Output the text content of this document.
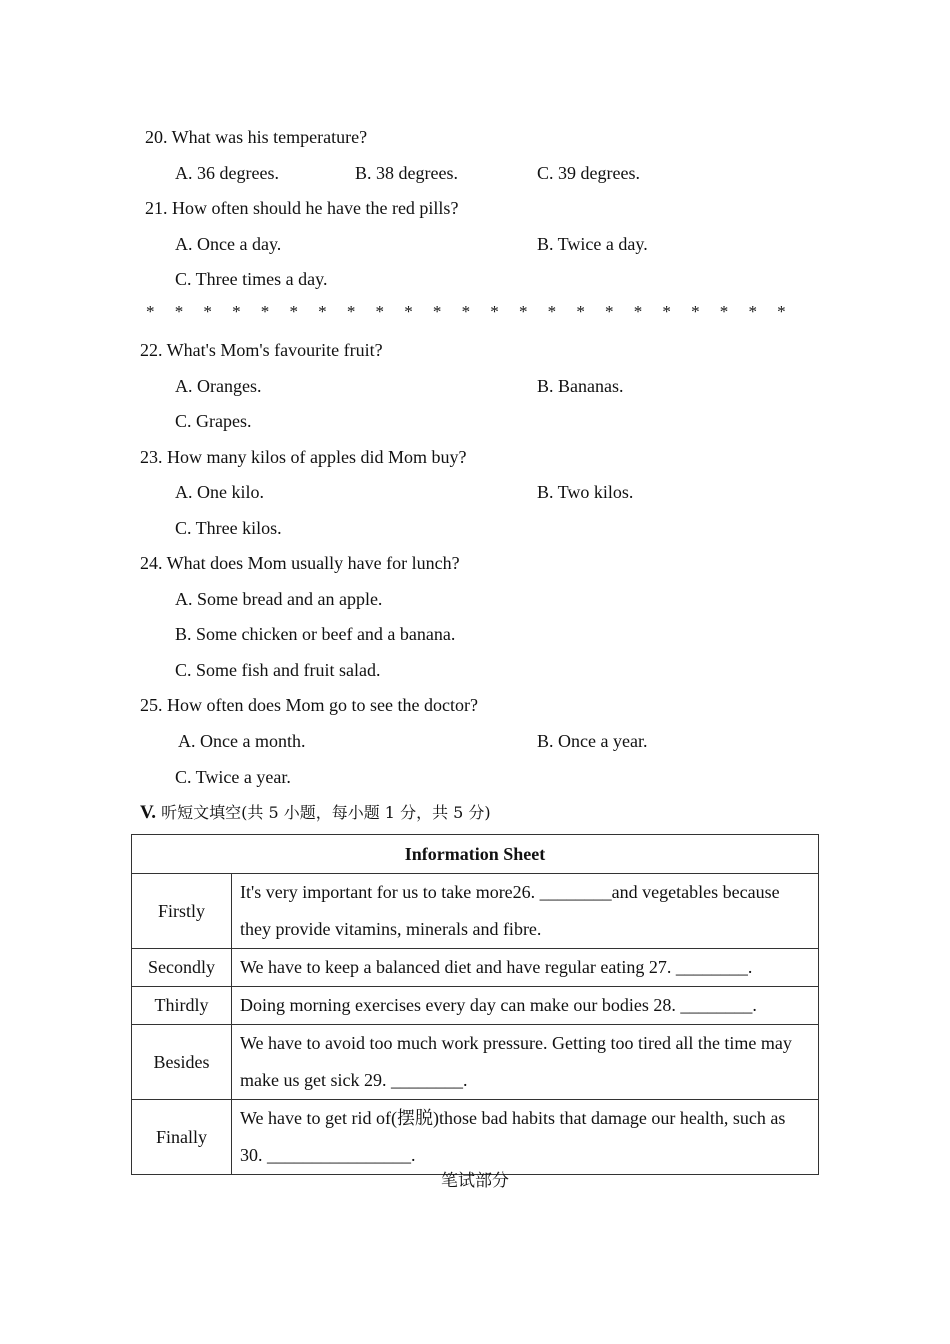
20. What was his temperature?
A. 36 degrees.	B. 38 degrees.	C. 39 degrees.
21. How often should he have the red pills?
A. Once a day.	B. Twice a day.
C. Three times a day.
* * * * * * * * * * * * * * * * * * * * * * *
22. What's Mom's favourite fruit?
A. Oranges.	B. Bananas.
C. Grapes.
23. How many kilos of apples did Mom buy?
A. One kilo.	B. Two kilos.
C. Three kilos.
24. What does Mom usually have for lunch?
A. Some bread and an apple.
B. Some chicken or beef and a banana.
C. Some fish and fruit salad.
25. How often does Mom go to see the doctor?
A. Once a month.	B. Once a year.
C. Twice a year.
V. 听短文填空(共 5 小题，每小题 1 分，共 5 分)
Information Sheet	
Firstly	It's very important for us to take more26. ________and vegetables because they provide vitamins, minerals and fibre.
Secondly	We have to keep a balanced diet and have regular eating 27. ________.
Thirdly	Doing morning exercises every day can make our bodies 28. ________.
Besides	We have to avoid too much work pressure. Getting too tired all the time may make us get sick 29. ________.
Finally	We have to get rid of(摆脱)those bad habits that damage our health, such as 30. ________________.
笔试部分
